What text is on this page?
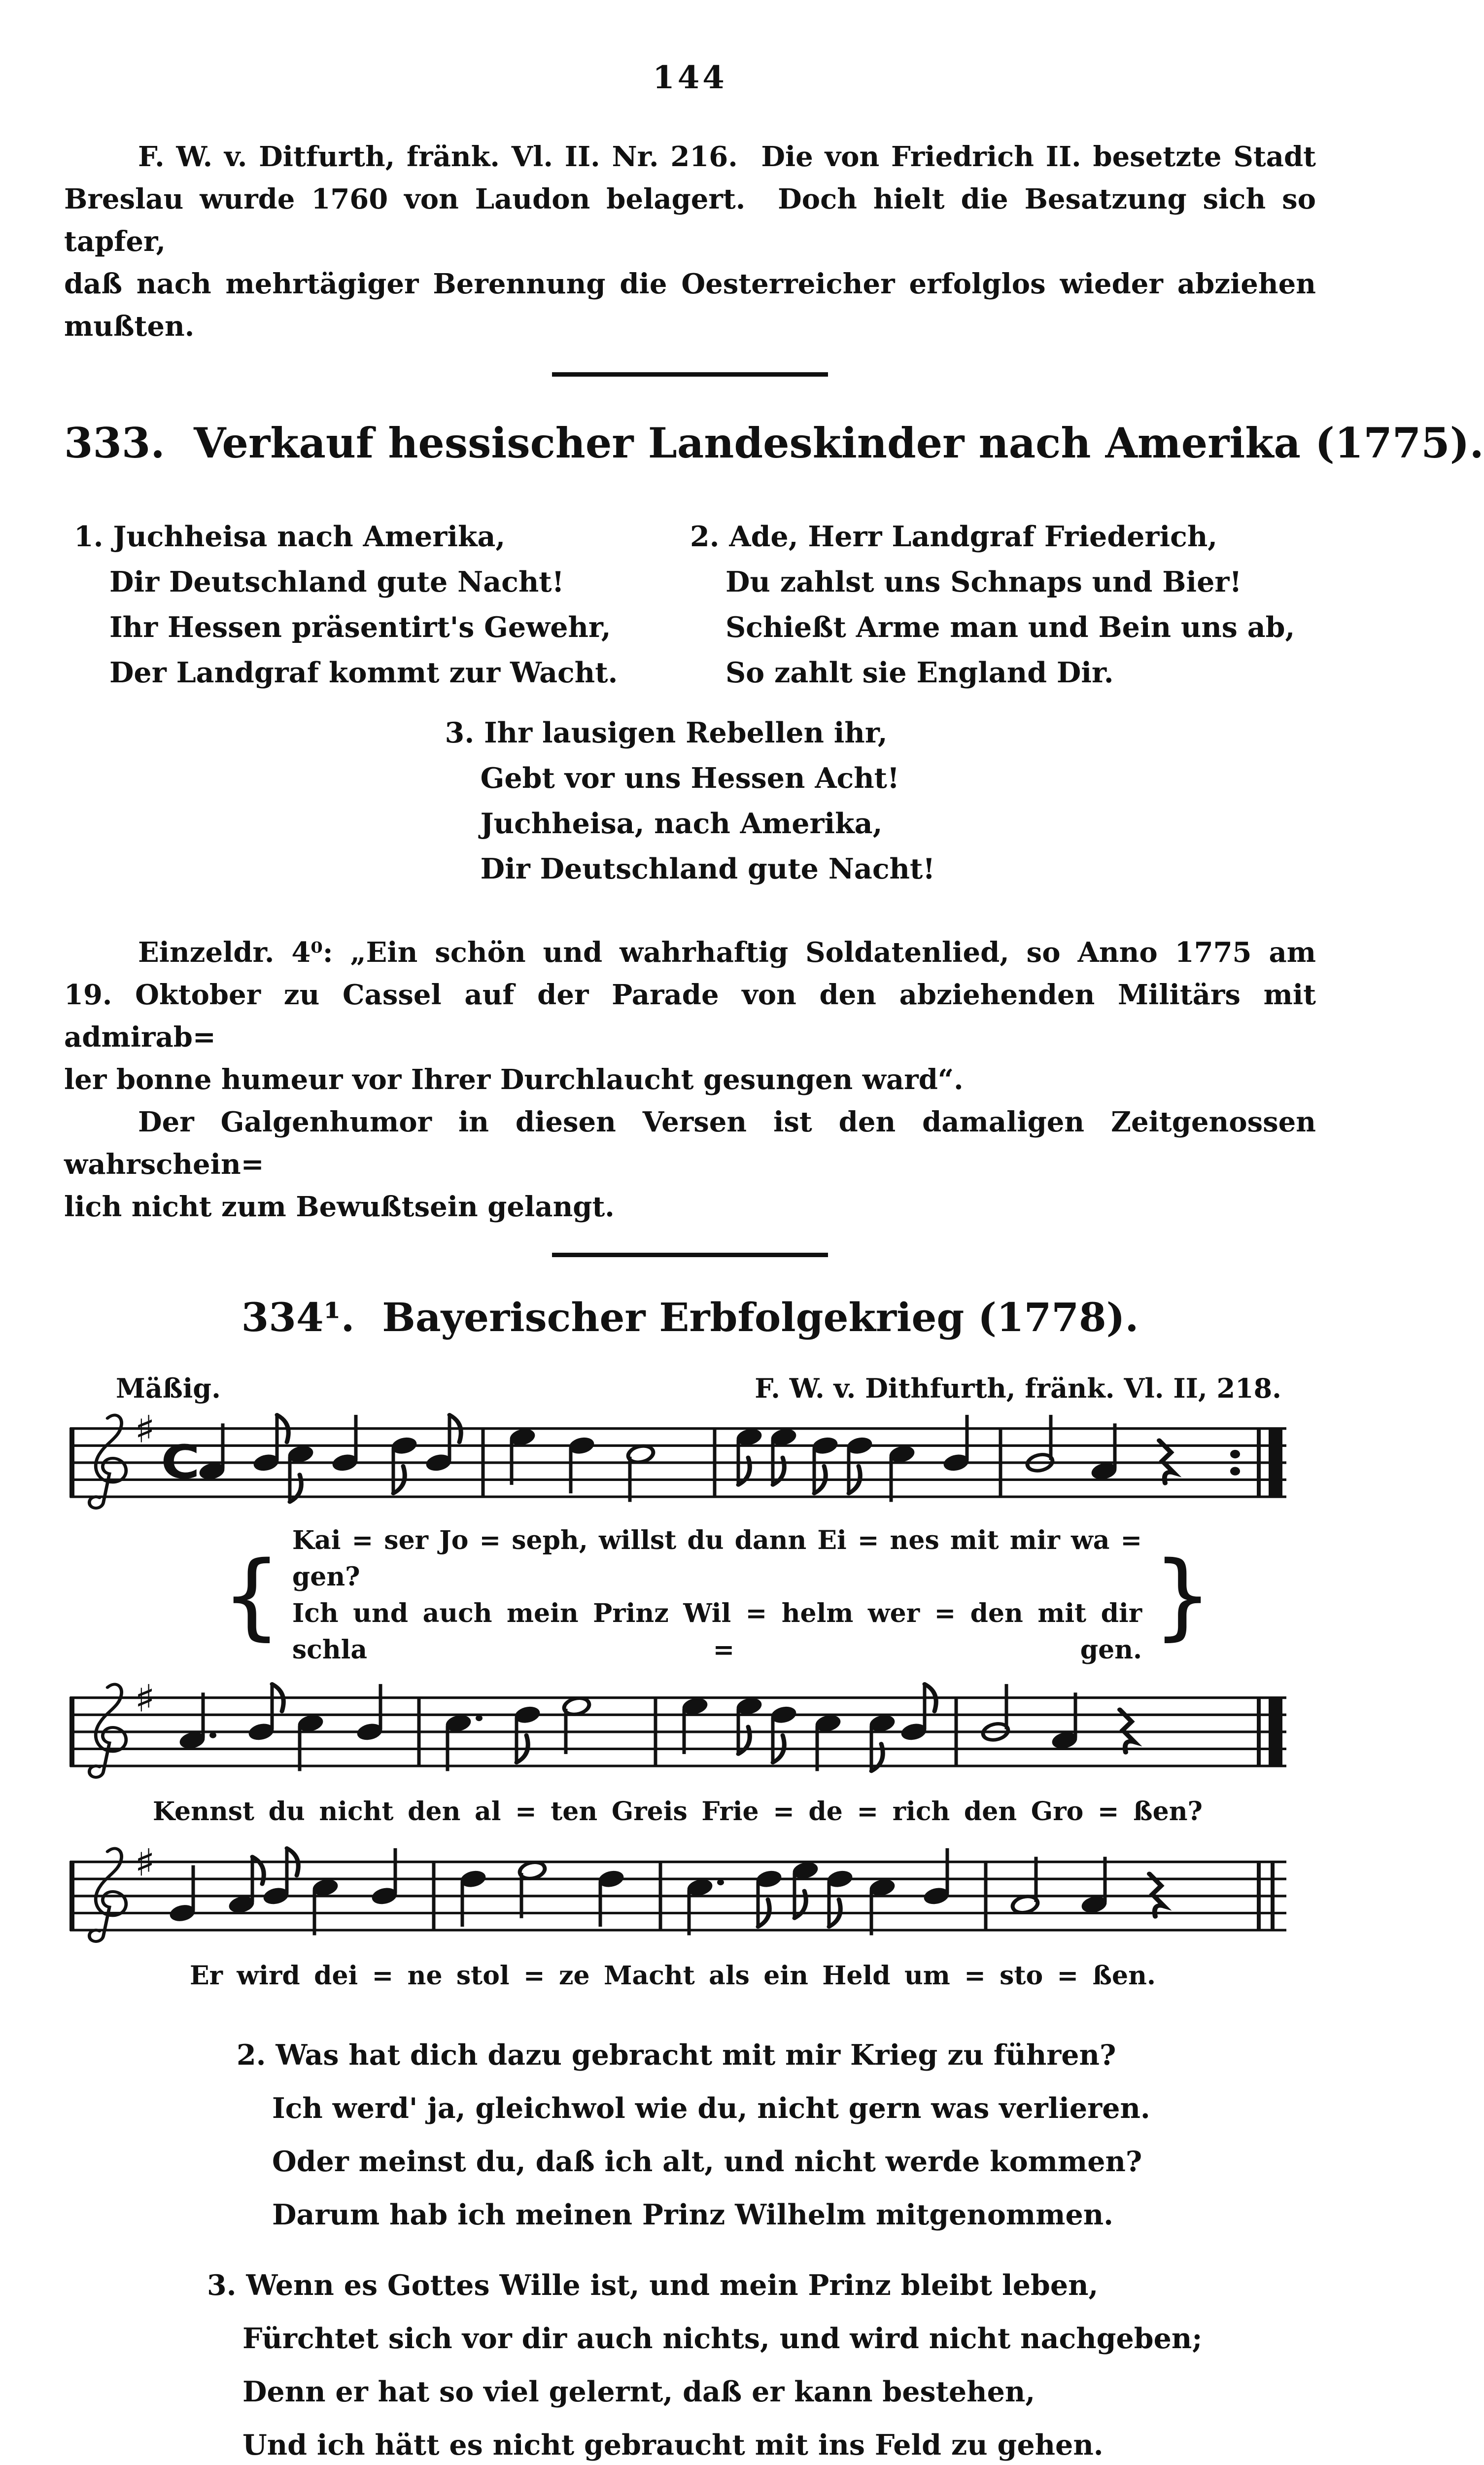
144
F. W. v. Ditfurth, fränk. Vl. II. Nr. 216.  Die von Friedrich II. besetzte Stadt
Breslau wurde 1760 von Laudon belagert.  Doch hielt die Besatzung sich so tapfer,
daß nach mehrtägiger Berennung die Oesterreicher erfolglos wieder abziehen mußten.
333.  Verkauf hessischer Landeskinder nach Amerika (1775).
1. Juchheisa nach Amerika,
Dir Deutschland gute Nacht!
Ihr Hessen präsentirt's Gewehr,
Der Landgraf kommt zur Wacht.
2. Ade, Herr Landgraf Friederich,
Du zahlst uns Schnaps und Bier!
Schießt Arme man und Bein uns ab,
So zahlt sie England Dir.
3. Ihr lausigen Rebellen ihr,
Gebt vor uns Hessen Acht!
Juchheisa, nach Amerika,
Dir Deutschland gute Nacht!
Einzeldr. 4⁰: „Ein schön und wahrhaftig Soldatenlied, so Anno 1775 am
19. Oktober zu Cassel auf der Parade von den abziehenden Militärs mit admirab=
ler bonne humeur vor Ihrer Durchlaucht gesungen ward“.
Der Galgenhumor in diesen Versen ist den damaligen Zeitgenossen wahrschein=
lich nicht zum Bewußtsein gelangt.
334¹.  Bayerischer Erbfolgekrieg (1778).
Mäßig.	F. W. v. Dithfurth, fränk. Vl. II, 218.
♯
C
{
Kai = ser Jo = seph, willst du dann Ei = nes mit mir wa = gen?
Ich und auch mein Prinz Wil = helm wer = den mit dir schla = gen. }
♯
Kennst du nicht den al = ten Greis Frie = de = rich den Gro = ßen?
♯
Er wird dei = ne stol = ze Macht als ein Held um = sto = ßen.
2. Was hat dich dazu gebracht mit mir Krieg zu führen?
Ich werd' ja, gleichwol wie du, nicht gern was verlieren.
Oder meinst du, daß ich alt, und nicht werde kommen?
Darum hab ich meinen Prinz Wilhelm mitgenommen.
3. Wenn es Gottes Wille ist, und mein Prinz bleibt leben,
Fürchtet sich vor dir auch nichts, und wird nicht nachgeben;
Denn er hat so viel gelernt, daß er kann bestehen,
Und ich hätt es nicht gebraucht mit ins Feld zu gehen.
